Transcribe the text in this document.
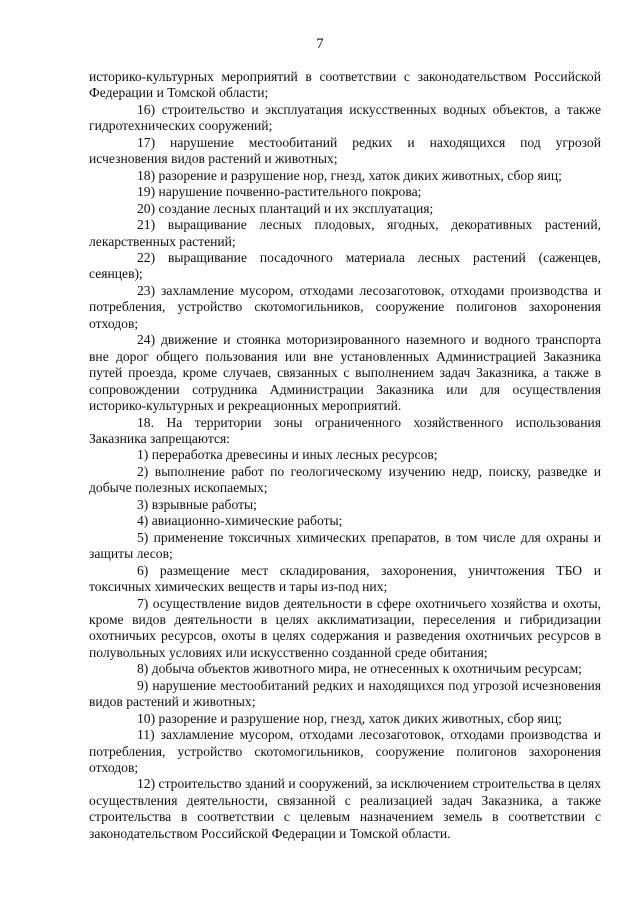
7

историко-культурных мероприятий в соответствии с законодательством Российской Федерации и Томской области;

16) строительство и эксплуатация искусственных водных объектов, а также гидротехнических сооружений;

17) нарушение местообитаний редких и находящихся под угрозой исчезновения видов растений и животных;

18) разорение и разрушение нор, гнезд, хаток диких животных, сбор яиц;

19) нарушение почвенно-растительного покрова;

20) создание лесных плантаций и их эксплуатация;

21) выращивание лесных плодовых, ягодных, декоративных растений, лекарственных растений;

22) выращивание посадочного материала лесных растений (саженцев, сеянцев);

23) захламление мусором, отходами лесозаготовок, отходами производства и потребления, устройство скотомогильников, сооружение полигонов захоронения отходов;

24) движение и стоянка моторизированного наземного и водного транспорта вне дорог общего пользования или вне установленных Администрацией Заказника путей проезда, кроме случаев, связанных с выполнением задач Заказника, а также в сопровождении сотрудника Администрации Заказника или для осуществления историко-культурных и рекреационных мероприятий.

18. На территории зоны ограниченного хозяйственного использования Заказника запрещаются:

1) переработка древесины и иных лесных ресурсов;

2) выполнение работ по геологическому изучению недр, поиску, разведке и добыче полезных ископаемых;

3) взрывные работы;

4) авиационно-химические работы;

5) применение токсичных химических препаратов, в том числе для охраны и защиты лесов;

6) размещение мест складирования, захоронения, уничтожения ТБО и токсичных химических веществ и тары из-под них;

7) осуществление видов деятельности в сфере охотничьего хозяйства и охоты, кроме видов деятельности в целях акклиматизации, переселения и гибридизации охотничьих ресурсов, охоты в целях содержания и разведения охотничьих ресурсов в полувольных условиях или искусственно созданной среде обитания;

8) добыча объектов животного мира, не отнесенных к охотничьим ресурсам;

9) нарушение местообитаний редких и находящихся под угрозой исчезновения видов растений и животных;

10) разорение и разрушение нор, гнезд, хаток диких животных, сбор яиц;

11) захламление мусором, отходами лесозаготовок, отходами производства и потребления, устройство скотомогильников, сооружение полигонов захоронения отходов;

12) строительство зданий и сооружений, за исключением строительства в целях осуществления деятельности, связанной с реализацией задач Заказника, а также строительства в соответствии с целевым назначением земель в соответствии с законодательством Российской Федерации и Томской области.
